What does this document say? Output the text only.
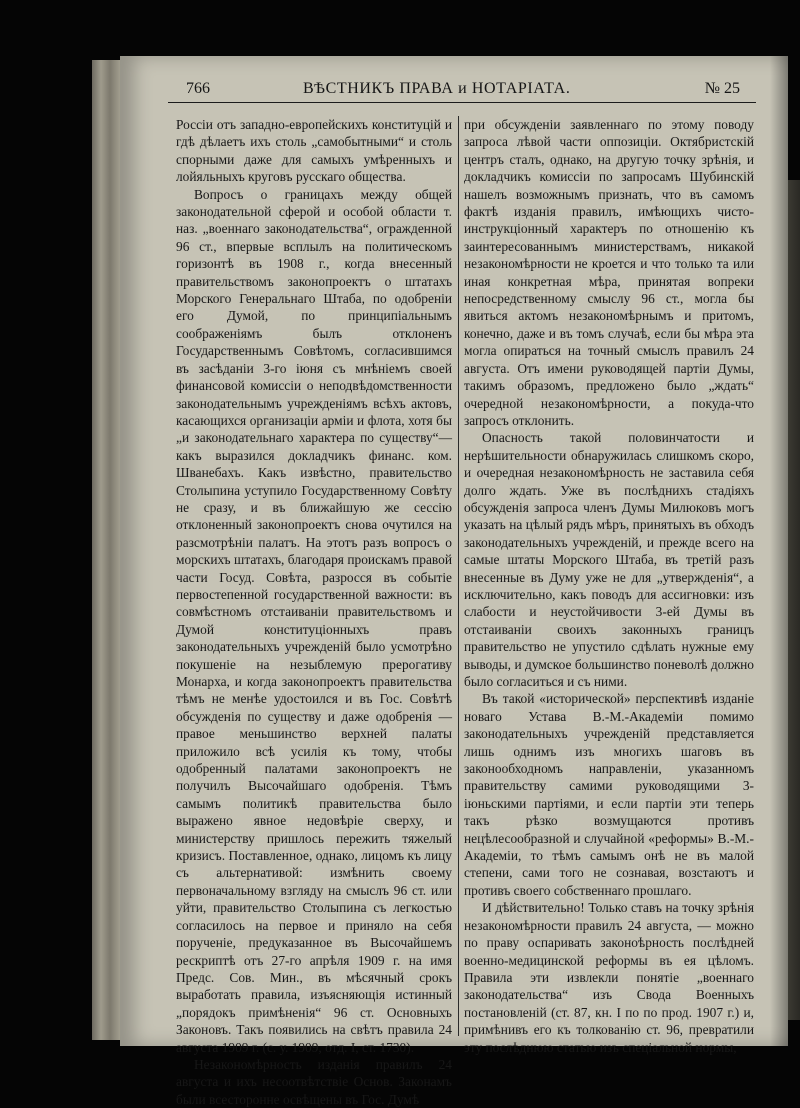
766	ВѢСТНИКЪ ПРАВА и НОТАРІАТА.	№ 25

Россіи отъ западно-европейскихъ конституцій и гдѣ дѣлаетъ ихъ столь „самобытными“ и столь спорными даже для самыхъ умѣренныхъ и лойяльныхъ круговъ русскаго общества.

Вопросъ о границахъ между общей законодательной сферой и особой области т. наз. „военнаго законодательства“, огражденной 96 ст., впервые всплылъ на политическомъ горизонтѣ въ 1908 г., когда внесенный правительствомъ законопроектъ о штатахъ Морского Генеральнаго Штаба, по одобреніи его Думой, по принципіальнымъ соображеніямъ былъ отклоненъ Государственнымъ Совѣтомъ, согласившимся въ засѣданіи 3-го іюня съ мнѣніемъ своей финансовой комиссіи о неподвѣдомственности законодательнымъ учрежденіямъ всѣхъ актовъ, касающихся организаціи арміи и флота, хотя бы „и законодательнаго характера по существу“—какъ выразился докладчикъ финанс. ком. Шванебахъ. Какъ извѣстно, правительство Столыпина уступило Государственному Совѣту не сразу, и въ ближайшую же сессію отклоненный законопроектъ снова очутился на разсмотрѣніи палатъ. На этотъ разъ вопросъ о морскихъ штатахъ, благодаря проискамъ правой части Госуд. Совѣта, разросся въ событіе первостепенной государственной важности: въ совмѣстномъ отстаиваніи правительствомъ и Думой конституціонныхъ правъ законодательныхъ учрежденій было усмотрѣно покушеніе на незыблемую прерогативу Монарха, и когда законопроектъ правительства тѣмъ не менѣе удостоился и въ Гос. Совѣтѣ обсужденія по существу и даже одобренія — правое меньшинство верхней палаты приложило всѣ усилія къ тому, чтобы одобренный палатами законопроектъ не получилъ Высочайшаго одобренія. Тѣмъ самымъ политикѣ правительства было выражено явное недовѣріе сверху, и министерству пришлось пережить тяжелый кризисъ. Поставленное, однако, лицомъ къ лицу съ альтернативой: измѣнить своему первоначальному взгляду на смыслъ 96 ст. или уйти, правительство Столыпина съ легкостью согласилось на первое и приняло на себя порученіе, предуказанное въ Высочайшемъ рескриптѣ отъ 27-го апрѣля 1909 г. на имя Предс. Сов. Мин., въ мѣсячный срокъ выработать правила, изъясняющія истинный „порядокъ примѣненія“ 96 ст. Основныхъ Законовъ. Такъ появились на свѣтъ правила 24 августа 1909 г. (с. у. 1909, отд. I, ст. 1730).

Незакономѣрность изданія правилъ 24 августа и ихъ несоотвѣтствіе Основ. Законамъ были всесторонне освѣщены въ Гос. Думѣ

при обсужденіи заявленнаго по этому поводу запроса лѣвой части оппозиціи. Октябристскій центръ сталъ, однако, на другую точку зрѣнія, и докладчикъ комиссіи по запросамъ Шубинскій нашелъ возможнымъ признать, что въ самомъ фактѣ изданія правилъ, имѣющихъ чисто-инструкціонный характеръ по отношенію къ заинтересованнымъ министерствамъ, никакой незакономѣрности не кроется и что только та или иная конкретная мѣра, принятая вопреки непосредственному смыслу 96 ст., могла бы явиться актомъ незакономѣрнымъ и притомъ, конечно, даже и въ томъ случаѣ, если бы мѣра эта могла опираться на точный смыслъ правилъ 24 августа. Отъ имени руководящей партіи Думы, такимъ образомъ, предложено было „ждать“ очередной незакономѣрности, а покуда-что запросъ отклонить.

Опасность такой половинчатости и нерѣшительности обнаружилась слишкомъ скоро, и очередная незакономѣрность не заставила себя долго ждать. Уже въ послѣднихъ стадіяхъ обсужденія запроса членъ Думы Милюковъ могъ указать на цѣлый рядъ мѣръ, принятыхъ въ обходъ законодательныхъ учрежденій, и прежде всего на самые штаты Морского Штаба, въ третій разъ внесенные въ Думу уже не для „утвержденія“, а исключительно, какъ поводъ для ассигновки: изъ слабости и неустойчивости 3-ей Думы въ отстаиваніи своихъ законныхъ границъ правительство не упустило сдѣлать нужные ему выводы, и думское большинство поневолѣ должно было согласиться и съ ними.

Въ такой «исторической» перспективѣ изданіе новаго Устава В.-М.-Академіи помимо законодательныхъ учрежденій представляется лишь однимъ изъ многихъ шаговъ въ законообходномъ направленіи, указанномъ правительству самими руководящими 3-іюньскими партіями, и если партіи эти теперь такъ рѣзко возмущаются противъ нецѣлесообразной и случайной «реформы» В.-М.-Академіи, то тѣмъ самымъ онѣ не въ малой степени, сами того не сознавая, возстаютъ и противъ своего собственнаго прошлаго.

И дѣйствительно! Только ставъ на точку зрѣнія незакономѣрности правилъ 24 августа, — можно по праву оспаривать законоѣрность послѣдней военно-медицинской реформы въ ея цѣломъ. Правила эти извлекли понятіе „военнаго законодательства“ изъ Свода Военныхъ постановленій (ст. 87, кн. I по по прод. 1907 г.) и, примѣнивъ его къ толкованію ст. 96, превратили эту послѣднюю статью изъ спеціальной нормы,
